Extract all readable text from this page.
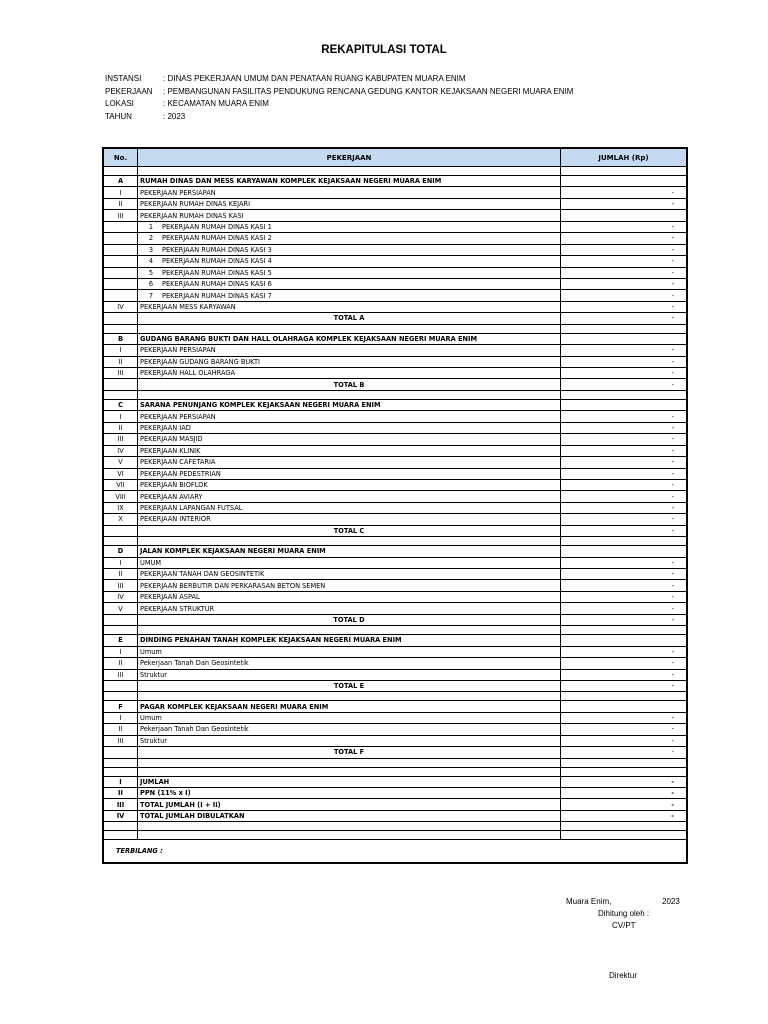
REKAPITULASI TOTAL
INSTANSI	: DINAS PEKERJAAN UMUM DAN PENATAAN RUANG KABUPATEN MUARA ENIM
PEKERJAAN : PEMBANGUNAN FASILITAS PENDUKUNG RENCANA GEDUNG KANTOR KEJAKSAAN NEGERI MUARA ENIM
LOKASI	: KECAMATAN MUARA ENIM
TAHUN	: 2023
No.	PEKERJAAN	JUMLAH (Rp)

A	RUMAH DINAS DAN MESS KARYAWAN KOMPLEK KEJAKSAAN NEGERI MUARA ENIM	
I	PEKERJAAN PERSIAPAN	-
II	PEKERJAAN RUMAH DINAS KEJARI	-
III	PEKERJAAN RUMAH DINAS KASI	
	1 PEKERJAAN RUMAH DINAS KASI 1	-
	2 PEKERJAAN RUMAH DINAS KASI 2	-
	3 PEKERJAAN RUMAH DINAS KASI 3	-
	4 PEKERJAAN RUMAH DINAS KASI 4	-
	5 PEKERJAAN RUMAH DINAS KASI 5	-
	6 PEKERJAAN RUMAH DINAS KASI 6	-
	7 PEKERJAAN RUMAH DINAS KASI 7	-
IV	PEKERJAAN MESS KARYAWAN	-
	TOTAL A	-

B	GUDANG BARANG BUKTI DAN HALL OLAHRAGA KOMPLEK KEJAKSAAN NEGERI MUARA ENIM	
I	PEKERJAAN PERSIAPAN	-
II	PEKERJAAN GUDANG BARANG BUKTI	-
III	PEKERJAAN HALL OLAHRAGA	-
	TOTAL B	-

C	SARANA PENUNJANG KOMPLEK KEJAKSAAN NEGERI MUARA ENIM	
I	PEKERJAAN PERSIAPAN	-
II	PEKERJAAN IAD	-
III	PEKERJAAN MASJID	-
IV	PEKERJAAN KLINIK	-
V	PEKERJAAN CAFETARIA	-
VI	PEKERJAAN PEDESTRIAN	-
VII	PEKERJAAN BIOFLOK	-
VIII	PEKERJAAN AVIARY	-
IX	PEKERJAAN LAPANGAN FUTSAL	-
X	PEKERJAAN INTERIOR	-
	TOTAL C	-

D	JALAN KOMPLEK KEJAKSAAN NEGERI MUARA ENIM	
I	UMUM	-
II	PEKERJAAN TANAH DAN GEOSINTETIK	-
III	PEKERJAAN BERBUTIR DAN PERKARASAN BETON SEMEN	-
IV	PEKERJAAN ASPAL	-
V	PEKERJAAN STRUKTUR	-
	TOTAL D	-

E	DINDING PENAHAN TANAH KOMPLEK KEJAKSAAN NEGERI MUARA ENIM	
I	Umum	-
II	Pekerjaan Tanah Dan Geosintetik	-
III	Struktur	-
	TOTAL E	-

F	PAGAR KOMPLEK KEJAKSAAN NEGERI MUARA ENIM	
I	Umum	-
II	Pekerjaan Tanah Dan Geosintetik	-
III	Struktur	-
	TOTAL F	-

I	JUMLAH	-
II	PPN (11% x I)	-
III	TOTAL JUMLAH (I + II)	-
IV	TOTAL JUMLAH DIBULATKAN	-

TERBILANG :		
Muara Enim,	2023
Dihitung oleh :
CV/PT
Direktur
